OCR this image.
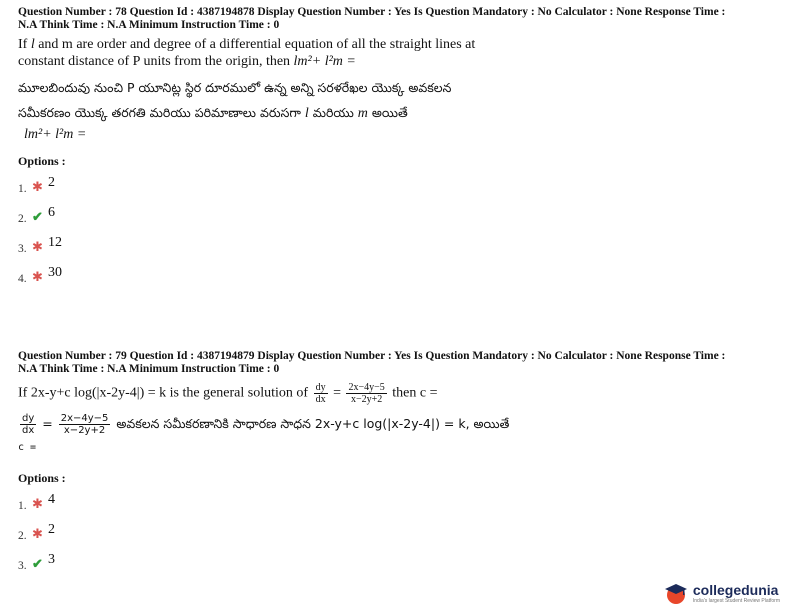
Question Number : 78 Question Id : 4387194878 Display Question Number : Yes Is Question Mandatory : No Calculator : None Response Time :
N.A Think Time : N.A Minimum Instruction Time : 0
If l and m are order and degree of a differential equation of all the straight lines at
constant distance of P units from the origin, then lm²+ l²m =
మూలబిందువు నుంచి P యూనిట్ల స్థిర దూరములో ఉన్న అన్ని సరళరేఖల యొక్క అవకలన
సమీకరణం యొక్క తరగతి మరియు పరిమాణాలు వరుసగా l మరియు m అయితే
lm²+ l²m =
Options :
1. ✱ 2
2. ✔ 6
3. ✱ 12
4. ✱ 30
Question Number : 79 Question Id : 4387194879 Display Question Number : Yes Is Question Mandatory : No Calculator : None Response Time :
N.A Think Time : N.A Minimum Instruction Time : 0
If 2x-y+c log(|x-2y-4|) = k is the general solution of $\frac{dy}{dx} = \frac{2x-4y-5}{x-2y+2}$ then c =
$\frac{dy}{dx} = \frac{2x-4y-5}{x-2y+2}$ అవకలన సమీకరణానికి సాధారణ సాధన 2x-y+c log(|x-2y-4|) = k, అయితే
c =
Options :
1. ✱ 4
2. ✱ 2
3. ✔ 3
collegedunia
India's largest Student Review Platform
